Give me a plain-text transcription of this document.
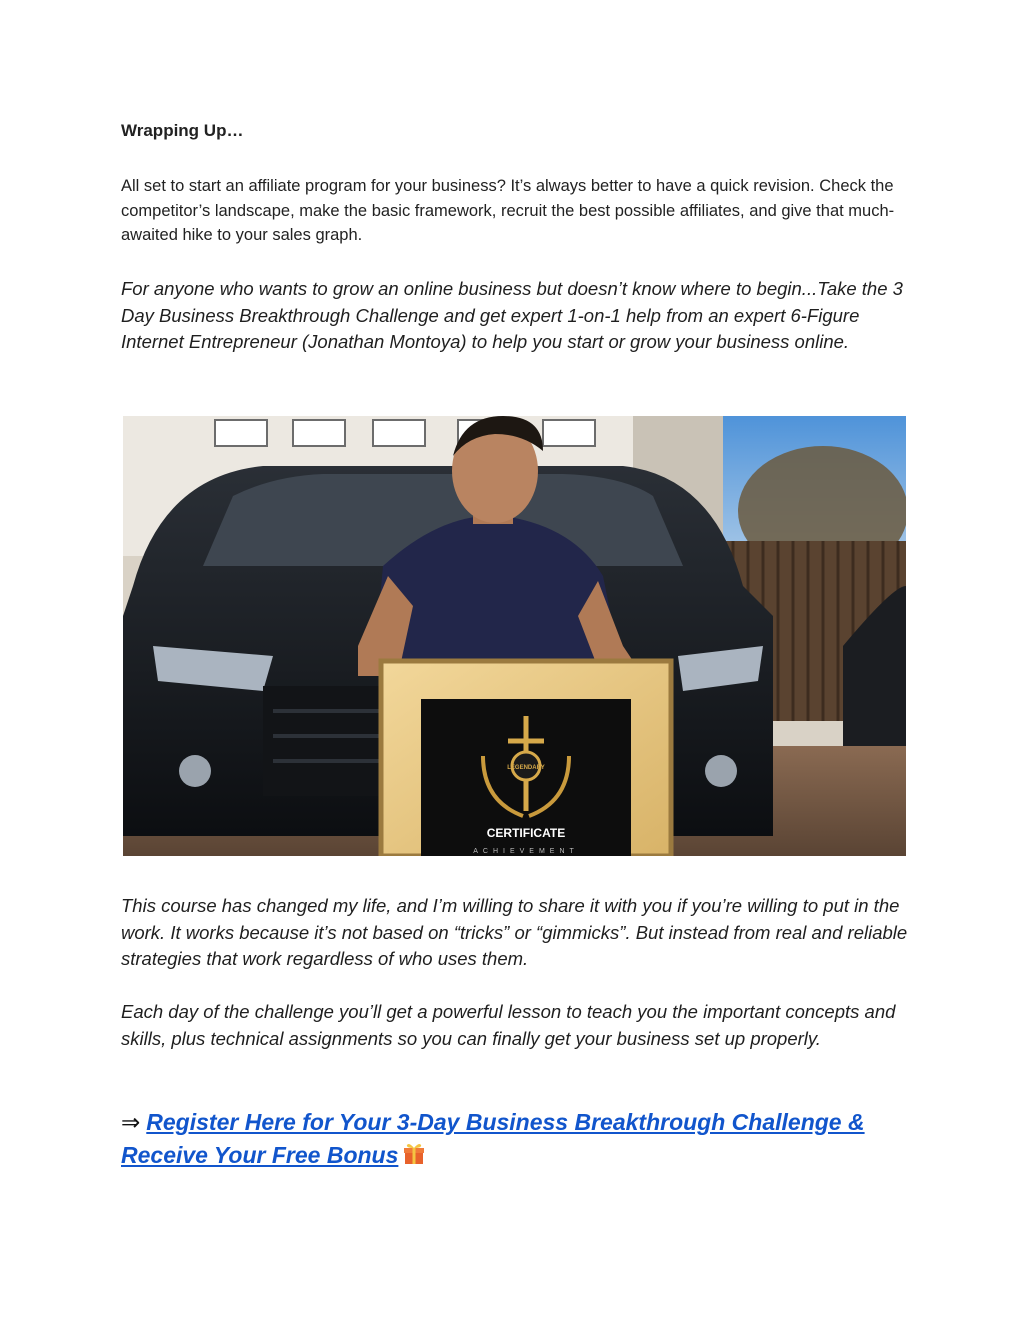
Wrapping Up…

All set to start an affiliate program for your business? It’s always better to have a quick revision. Check the competitor’s landscape, make the basic framework, recruit the best possible affiliates, and give that much-awaited hike to your sales graph.

For anyone who wants to grow an online business but doesn’t know where to begin...Take the 3 Day Business Breakthrough Challenge and get expert 1-on-1 help from an expert 6-Figure Internet Entrepreneur (Jonathan Montoya) to help you start or grow your business online.

LEGENDARY
CERTIFICATE
ACHIEVEMENT

This course has changed my life, and I’m willing to share it with you if you’re willing to put in the work. It works because it’s not based on “tricks” or “gimmicks”. But instead from real and reliable strategies that work regardless of who uses them.

Each day of the challenge you’ll get a powerful lesson to teach you the important concepts and skills, plus technical assignments so you can finally get your business set up properly.

⇒ Register Here for Your 3-Day Business Breakthrough Challenge & Receive Your Free Bonus
